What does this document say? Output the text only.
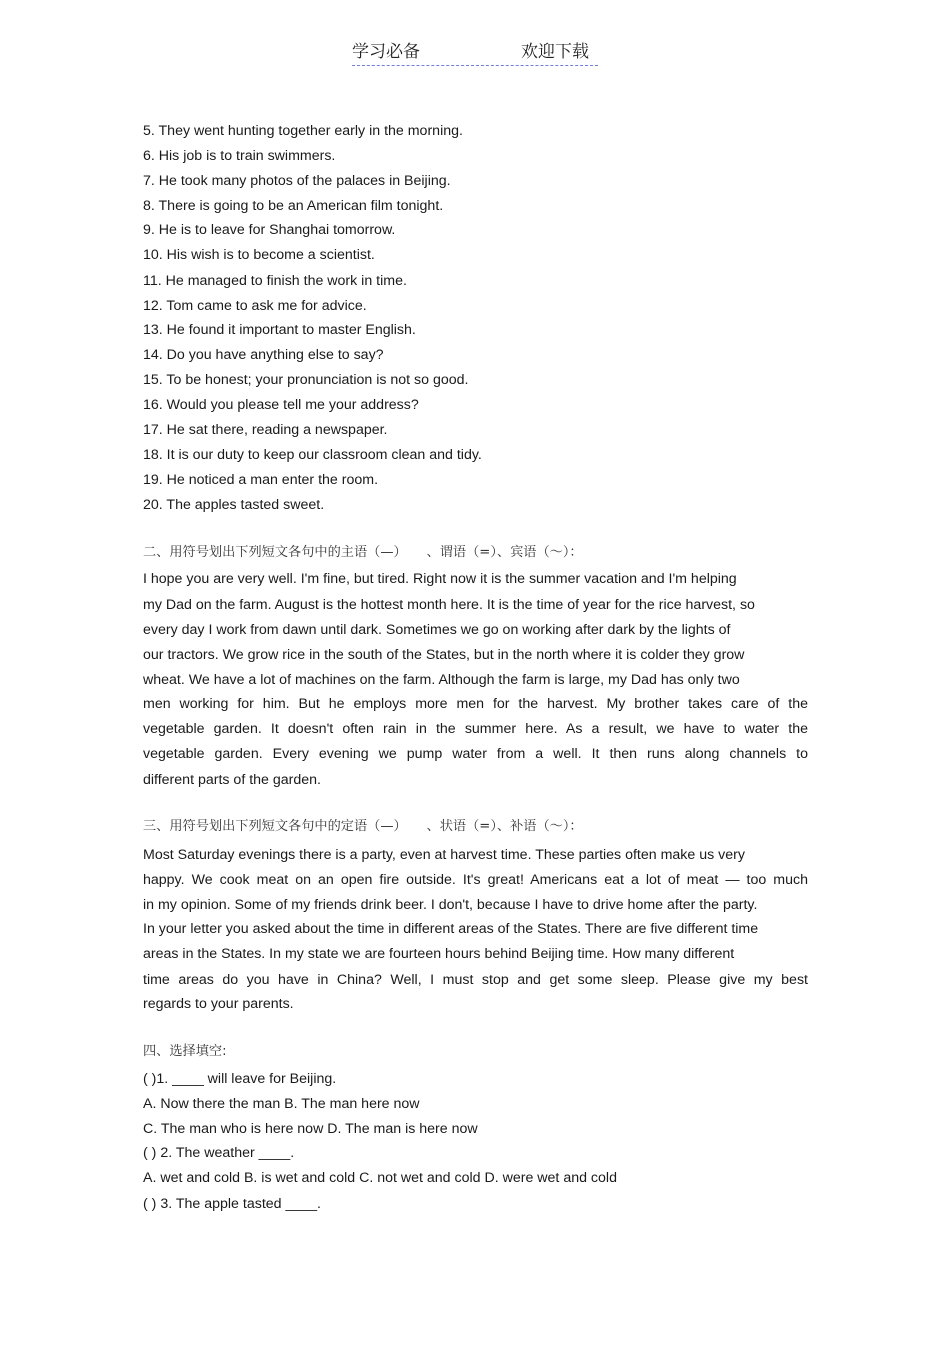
学习必备	欢迎下载
5. They went hunting together early in the morning.
6. His job is to train swimmers.
7. He took many photos of the palaces in Beijing.
8. There is going to be an American film tonight.
9. He is to leave for Shanghai tomorrow.
10. His wish is to become a scientist.
11. He managed to finish the work in time.
12. Tom came to ask me for advice.
13. He found it important to master English.
14. Do you have anything else to say?
15. To be honest; your pronunciation is not so good.
16. Would you please tell me your address?
17. He sat there, reading a newspaper.
18. It is our duty to keep our classroom clean and tidy.
19. He noticed a man enter the room.
20. The apples tasted sweet.
二、用符号划出下列短文各句中的主语（—）　　、谓语（=）、宾语（～）：
I hope you are very well. I'm fine, but tired. Right now it is the summer vacation and I'm helping
my Dad on the farm. August is the hottest month here. It is the time of year for the rice harvest, so
every day I work from dawn until dark. Sometimes we go on working after dark by the lights of
our tractors. We grow rice in the south of the States, but in the north where it is colder they grow
wheat. We have a lot of machines on the farm. Although the farm is large, my Dad has only two
men working for him. But he employs more men for the harvest. My brother takes care of the
vegetable garden. It doesn't often rain in the summer here. As a result, we have to water the
vegetable garden. Every evening we pump water from a well. It then runs along channels to
different parts of the garden.
三、用符号划出下列短文各句中的定语（—）　　、状语（=）、补语（～）：
Most Saturday evenings there is a party, even at harvest time. These parties often make us very
happy. We cook meat on an open fire outside. It's great! Americans eat a lot of meat — too much
in my opinion. Some of my friends drink beer. I don't, because I have to drive home after the party.
In your letter you asked about the time in different areas of the States. There are five different time
areas in the States. In my state we are fourteen hours behind Beijing time. How many different
time areas do you have in China? Well, I must stop and get some sleep. Please give my best
regards to your parents.
四、选择填空:
( )1. ____ will leave for Beijing.
A. Now there the man B. The man here now
C. The man who is here now D. The man is here now
( ) 2. The weather ____.
A. wet and cold B. is wet and cold C. not wet and cold D. were wet and cold
( ) 3. The apple tasted ____.
